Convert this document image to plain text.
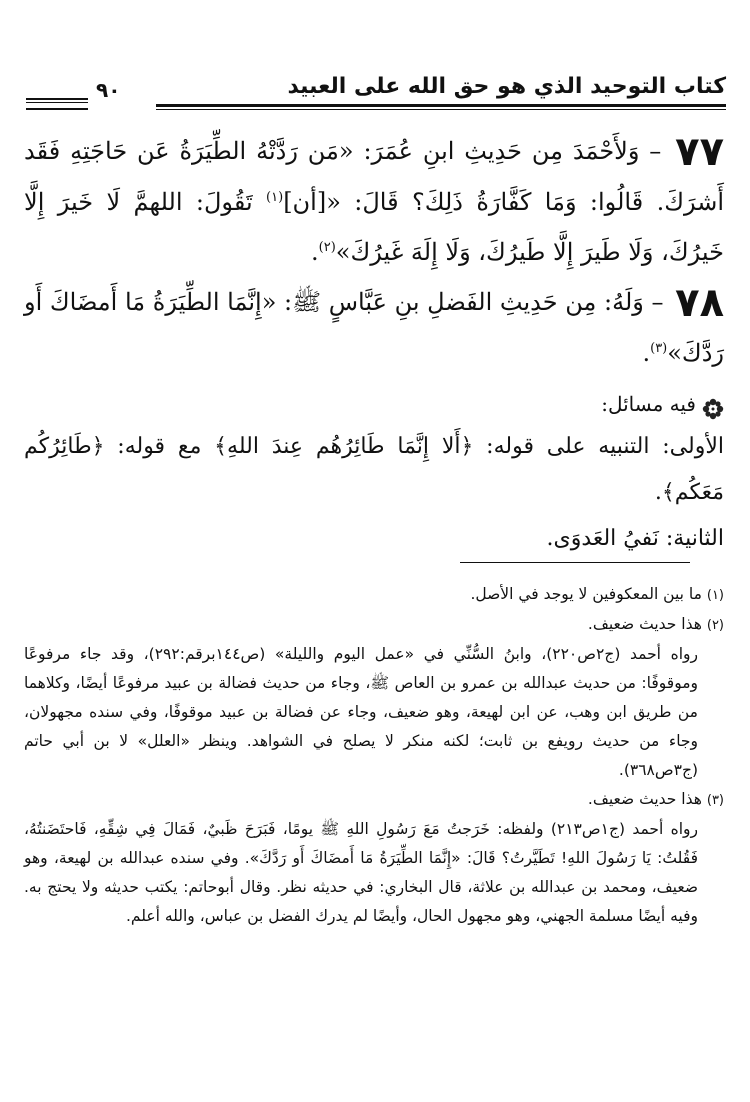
كتاب التوحيد الذي هو حق الله على العبيد
٩٠

٧٧ – وَلأَحْمَدَ مِن حَدِيثِ ابنِ عُمَرَ: «مَن رَدَّتْهُ الطِّيَرَةُ عَن حَاجَتِهِ فَقَد أَشرَكَ. قَالُوا: وَمَا كَفَّارَةُ ذَلِكَ؟ قَالَ: «[أن]$^{(١)}$ تَقُولَ: اللهمَّ لَا خَيرَ إِلَّا خَيرُكَ، وَلَا طَيرَ إِلَّا طَيرُكَ، وَلَا إِلَهَ غَيرُكَ»$^{(٢)}$.

٧٨ – وَلَهُ: مِن حَدِيثِ الفَضلِ بنِ عَبَّاسٍ ﷺ: «إِنَّمَا الطِّيَرَةُ مَا أَمضَاكَ أَو رَدَّكَ»$^{(٣)}$.

فيه مسائل:

الأولى: التنبيه على قوله: ﴿أَلا إِنَّمَا طَائِرُهُم عِندَ اللهِ﴾ مع قوله: ﴿طَائِرُكُم مَعَكُم﴾.

الثانية: نَفيُ العَدوَى.

(١) ما بين المعكوفين لا يوجد في الأصل.

(٢) هذا حديث ضعيف.

رواه أحمد (ج٢ص٢٢٠)، وابنُ السُّنِّي في «عمل اليوم والليلة» (ص١٤٤برقم:٢٩٢)، وقد جاء مرفوعًا وموقوفًا: من حديث عبدالله بن عمرو بن العاص ﷺ، وجاء من حديث فضالة بن عبيد مرفوعًا أيضًا، وكلاهما من طريق ابن وهب، عن ابن لهيعة، وهو ضعيف، وجاء عن فضالة بن عبيد موقوفًا، وفي سنده مجهولان، وجاء من حديث رويفع بن ثابت؛ لكنه منكر لا يصلح في الشواهد. وينظر «العلل» لا بن أبي حاتم (ج٣ص٣٦٨).

(٣) هذا حديث ضعيف.

رواه أحمد (ج١ص٢١٣) ولفظه: خَرَجتُ مَعَ رَسُولِ اللهِ ﷺ يومًا، فَبَرَحَ ظَبيٌ، فَمَالَ فِي شِقِّهِ، فَاحتَضَنتُهُ، فَقُلتُ: يَا رَسُولَ اللهِ! تَطَيَّرتُ؟ قَالَ: «إِنَّمَا الطِّيَرَةُ مَا أَمضَاكَ أَو رَدَّكَ». وفي سنده عبدالله بن لهيعة، وهو ضعيف، ومحمد بن عبدالله بن علاثة، قال البخاري: في حديثه نظر. وقال أبوحاتم: يكتب حديثه ولا يحتج به. وفيه أيضًا مسلمة الجهني، وهو مجهول الحال، وأيضًا لم يدرك الفضل بن عباس، والله أعلم.
